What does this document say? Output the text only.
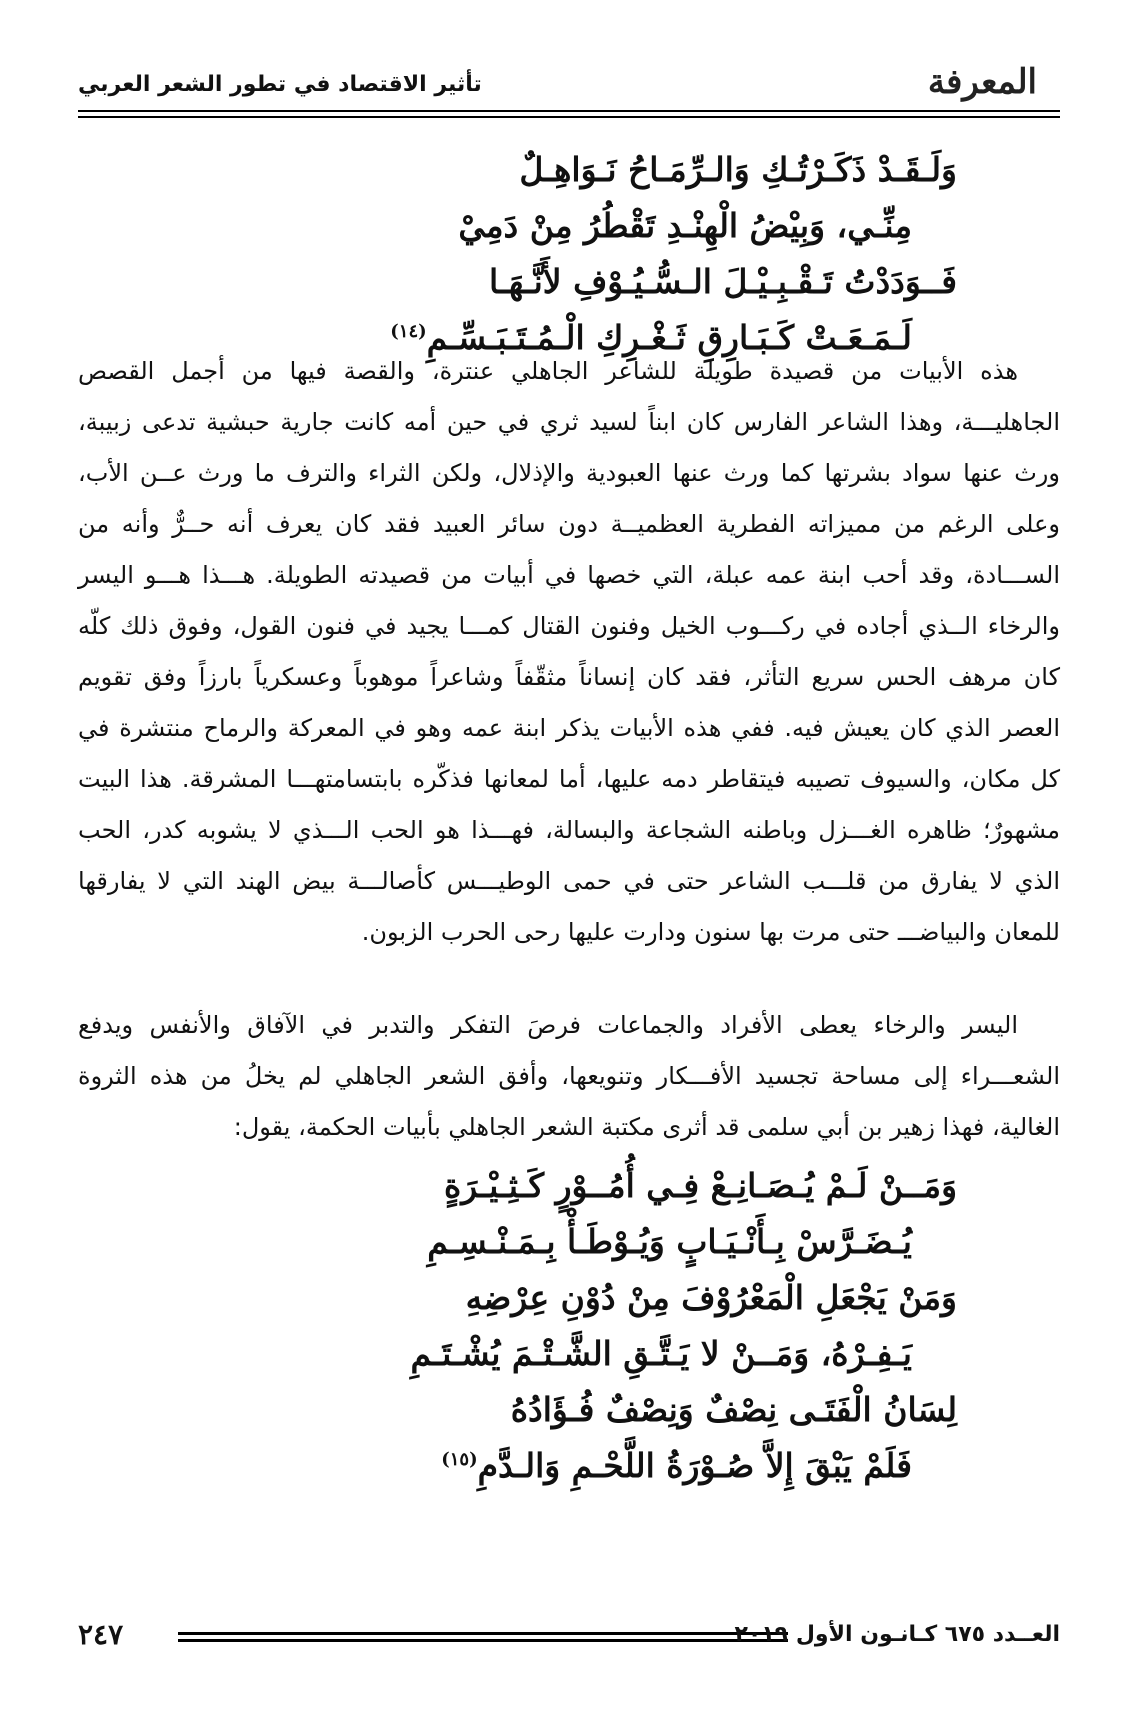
المعرفة
تأثير الاقتصاد في تطور الشعر العربي
وَلَـقَـدْ ذَكَـرْتُـكِ وَالـرِّمَـاحُ نَـوَاهِـلٌ
مِنِّـي، وَبِيْضُ الْهِنْـدِ تَقْطُرُ مِنْ دَمِيْ
فَــوَدَدْتُ تَـقْـبِـيْـلَ الـسُّـيُـوْفِ لأَنَّـهَـا
لَـمَـعَـتْ كَـبَـارِقِ ثَـغْـرِكِ الْـمُـتَـبَـسِّـمِ$^{(١٤)}$

هذه الأبيات من قصيدة طويلة للشاعر الجاهلي عنترة، والقصة فيها من أجمل القصص الجاهليـــة، وهذا الشاعر الفارس كان ابناً لسيد ثري في حين أمه كانت جارية حبشية تدعى زبيبة، ورث عنها سواد بشرتها كما ورث عنها العبودية والإذلال، ولكن الثراء والترف ما ورث عــن الأب، وعلى الرغم من مميزاته الفطرية العظميــة دون سائر العبيد فقد كان يعرف أنه حــرٌّ وأنه من الســـادة، وقد أحب ابنة عمه عبلة، التي خصها في أبيات من قصيدته الطويلة. هـــذا هـــو اليسر والرخاء الــذي أجاده في ركـــوب الخيل وفنون القتال كمـــا يجيد في فنون القول، وفوق ذلك كلّه كان مرهف الحس سريع التأثر، فقد كان إنساناً مثقّفاً وشاعراً موهوباً وعسكرياً بارزاً وفق تقويم العصر الذي كان يعيش فيه. ففي هذه الأبيات يذكر ابنة عمه وهو في المعركة والرماح منتشرة في كل مكان، والسيوف تصيبه فيتقاطر دمه عليها، أما لمعانها فذكّره بابتسامتهـــا المشرقة. هذا البيت مشهورٌ؛ ظاهره الغـــزل وباطنه الشجاعة والبسالة، فهـــذا هو الحب الـــذي لا يشوبه كدر، الحب الذي لا يفارق من قلـــب الشاعر حتى في حمى الوطيـــس كأصالـــة بيض الهند التي لا يفارقها للمعان والبياضـــ حتى مرت بها سنون ودارت عليها رحى الحرب الزبون.

اليسر والرخاء يعطى الأفراد والجماعات فرصَ التفكر والتدبر في الآفاق والأنفس ويدفع الشعـــراء إلى مساحة تجسيد الأفـــكار وتنويعها، وأفق الشعر الجاهلي لم يخلُ من هذه الثروة الغالية، فهذا زهير بن أبي سلمى قد أثرى مكتبة الشعر الجاهلي بأبيات الحكمة، يقول:

وَمَــنْ لَـمْ يُـصَـانِـعْ فِـي أُمُــوْرٍ كَـثِـيْـرَةٍ
يُـضَـرَّسْ بِـأَنْـيَـابٍ وَيُـوْطَـأْ بِـمَـنْـسِـمِ
وَمَنْ يَجْعَلِ الْمَعْرُوْفَ مِنْ دُوْنِ عِرْضِهِ
يَـفِـرْهُ، وَمَــنْ لا يَـتَّـقِ الشَّـتْـمَ يُشْـتَـمِ
لِسَانُ الْفَتَـى نِصْفٌ وَنِصْفٌ فُـؤَادُهُ
فَلَمْ يَبْقَ إِلاَّ صُـوْرَةُ اللَّحْـمِ وَالـدَّمِ$^{(١٥)}$
٢٤٧	العــدد ٦٧٥ كـانـون الأول ٢٠١٩
